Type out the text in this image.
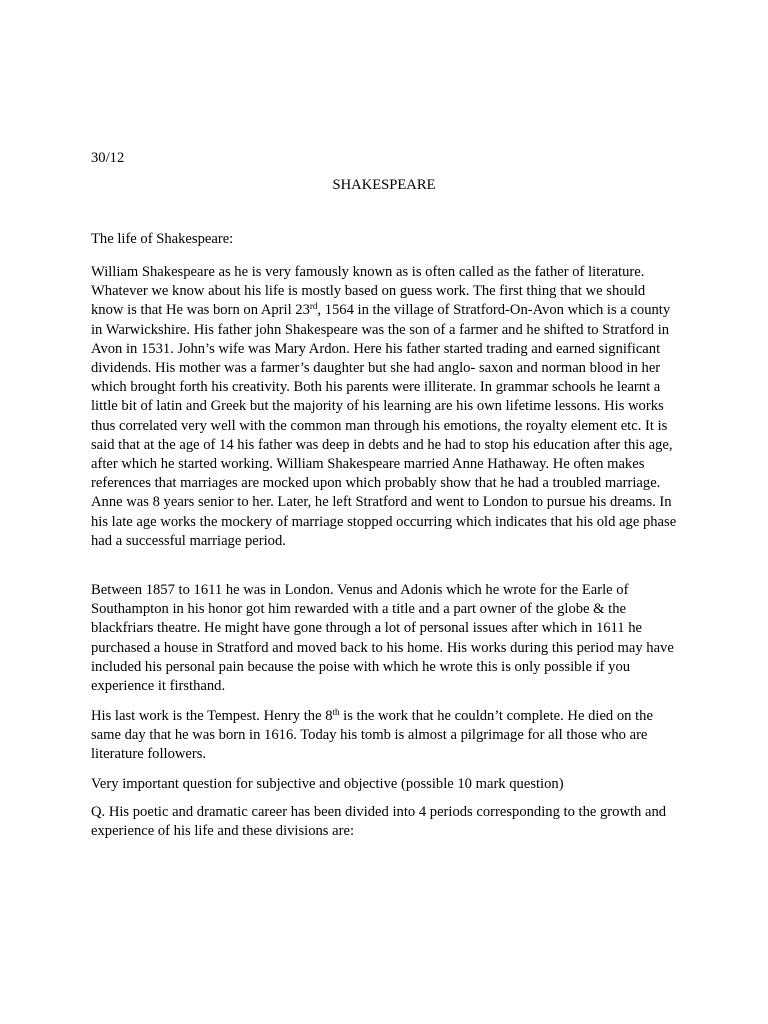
30/12

SHAKESPEARE

The life of Shakespeare:

William Shakespeare as he is very famously known as is often called as the father of literature. Whatever we know about his life is mostly based on guess work. The first thing that we should know is that He was born on April 23rd, 1564 in the village of Stratford-On-Avon which is a county in Warwickshire. His father john Shakespeare was the son of a farmer and he shifted to Stratford in Avon in 1531. John’s wife was Mary Ardon. Here his father started trading and earned significant dividends. His mother was a farmer’s daughter but she had anglo- saxon and norman blood in her which brought forth his creativity. Both his parents were illiterate. In grammar schools he learnt a little bit of latin and Greek but the majority of his learning are his own lifetime lessons. His works thus correlated very well with the common man through his emotions, the royalty element etc. It is said that at the age of 14 his father was deep in debts and he had to stop his education after this age, after which he started working. William Shakespeare married Anne Hathaway. He often makes references that marriages are mocked upon which probably show that he had a troubled marriage. Anne was 8 years senior to her. Later, he left Stratford and went to London to pursue his dreams. In his late age works the mockery of marriage stopped occurring which indicates that his old age phase had a successful marriage period.

Between 1857 to 1611 he was in London. Venus and Adonis which he wrote for the Earle of Southampton in his honor got him rewarded with a title and a part owner of the globe & the blackfriars theatre. He might have gone through a lot of personal issues after which in 1611 he purchased a house in Stratford and moved back to his home. His works during this period may have included his personal pain because the poise with which he wrote this is only possible if you experience it firsthand.

His last work is the Tempest. Henry the 8th is the work that he couldn’t complete. He died on the same day that he was born in 1616. Today his tomb is almost a pilgrimage for all those who are literature followers.

Very important question for subjective and objective (possible 10 mark question)

Q. His poetic and dramatic career has been divided into 4 periods corresponding to the growth and experience of his life and these divisions are:
